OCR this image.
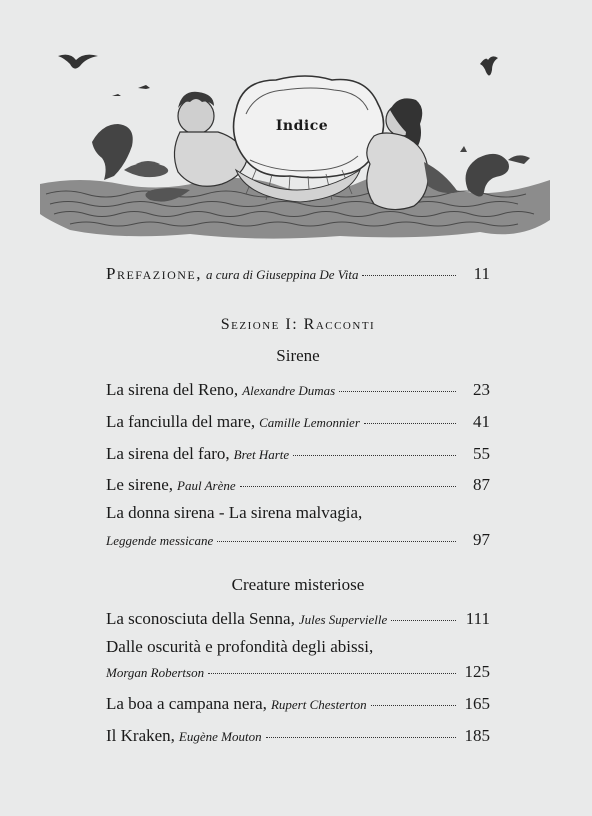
Indice
Prefazione, a cura di Giuseppina De Vita	11
Sezione I: Racconti
Sirene
La sirena del Reno, Alexandre Dumas	23
La fanciulla del mare, Camille Lemonnier	41
La sirena del faro, Bret Harte	55
Le sirene, Paul Arène	87
La donna sirena - La sirena malvagia,
Leggende messicane	97
Creature misteriose
La sconosciuta della Senna, Jules Supervielle	111
Dalle oscurità e profondità degli abissi,
Morgan Robertson	125
La boa a campana nera, Rupert Chesterton	165
Il Kraken, Eugène Mouton	185
